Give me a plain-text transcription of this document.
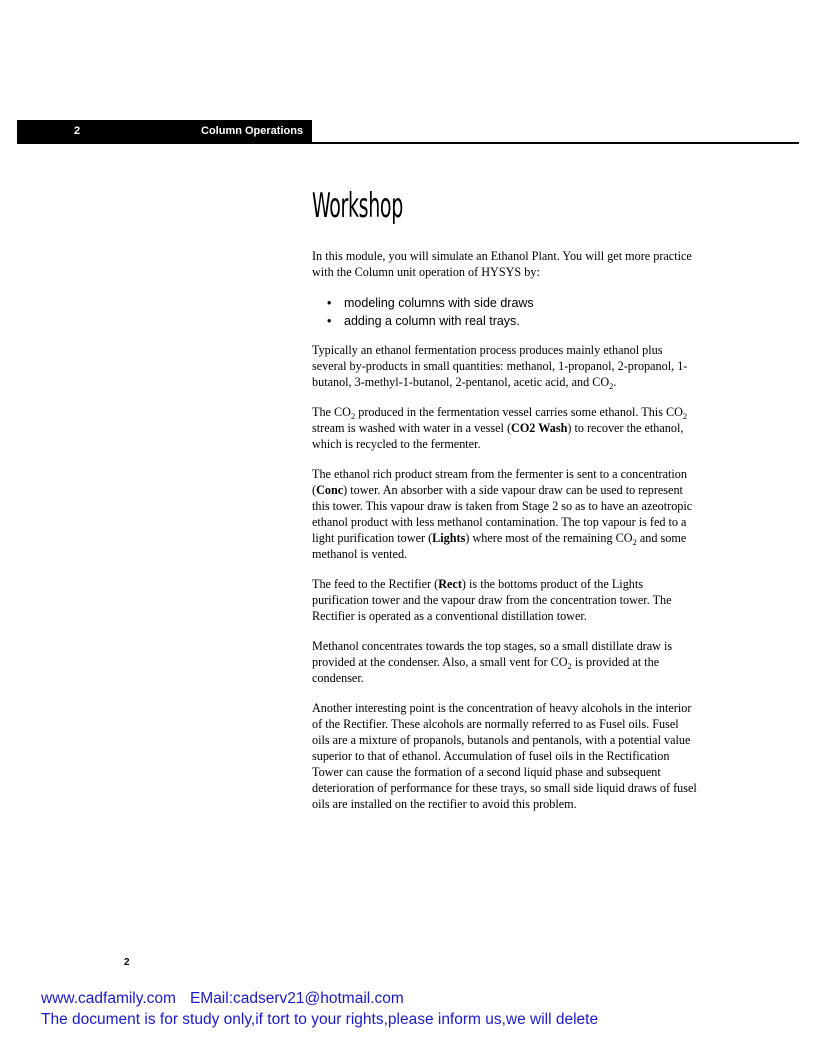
2	Column Operations
Workshop

In this module, you will simulate an Ethanol Plant. You will get more practice with the Column unit operation of HYSYS by:

• modeling columns with side draws
• adding a column with real trays.

Typically an ethanol fermentation process produces mainly ethanol plus several by-products in small quantities: methanol, 1-propanol, 2-propanol, 1-butanol, 3-methyl-1-butanol, 2-pentanol, acetic acid, and $CO_2$.

The $CO_2$ produced in the fermentation vessel carries some ethanol. This $CO_2$ stream is washed with water in a vessel (CO2 Wash) to recover the ethanol, which is recycled to the fermenter.

The ethanol rich product stream from the fermenter is sent to a concentration (Conc) tower. An absorber with a side vapour draw can be used to represent this tower. This vapour draw is taken from Stage 2 so as to have an azeotropic ethanol product with less methanol contamination. The top vapour is fed to a light purification tower (Lights) where most of the remaining $CO_2$ and some methanol is vented.

The feed to the Rectifier (Rect) is the bottoms product of the Lights purification tower and the vapour draw from the concentration tower. The Rectifier is operated as a conventional distillation tower.

Methanol concentrates towards the top stages, so a small distillate draw is provided at the condenser. Also, a small vent for $CO_2$ is provided at the condenser.

Another interesting point is the concentration of heavy alcohols in the interior of the Rectifier. These alcohols are normally referred to as Fusel oils. Fusel oils are a mixture of propanols, butanols and pentanols, with a potential value superior to that of ethanol. Accumulation of fusel oils in the Rectification Tower can cause the formation of a second liquid phase and subsequent deterioration of performance for these trays, so small side liquid draws of fusel oils are installed on the rectifier to avoid this problem.

2
www.cadfamily.com EMail:cadserv21@hotmail.com
The document is for study only,if tort to your rights,please inform us,we will delete
